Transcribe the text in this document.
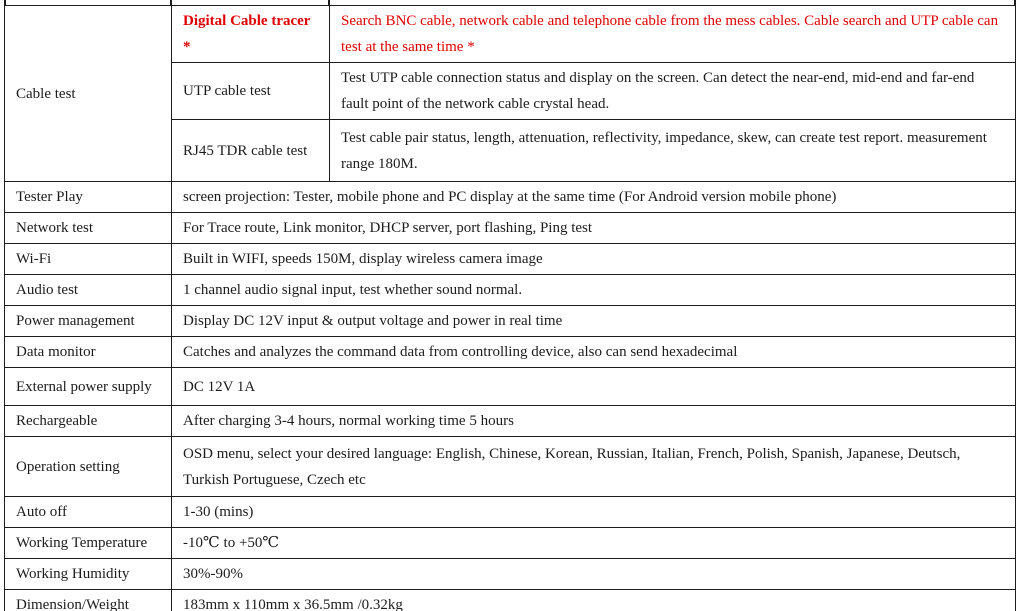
Cable test	Digital Cable tracer *	Search BNC cable, network cable and telephone cable from the mess cables. Cable search and UTP cable can test at the same time *
	UTP cable test	Test UTP cable connection status and display on the screen. Can detect the near-end, mid-end and far-end fault point of the network cable crystal head.
	RJ45 TDR cable test	Test cable pair status, length, attenuation, reflectivity, impedance, skew, can create test report. measurement range 180M.
Tester Play	screen projection: Tester, mobile phone and PC display at the same time (For Android version mobile phone)	
Network test	For Trace route, Link monitor, DHCP server, port flashing, Ping test	
Wi-Fi	Built in WIFI, speeds 150M, display wireless camera image	
Audio test	1 channel audio signal input, test whether sound normal.	
Power management	Display DC 12V input & output voltage and power in real time	
Data monitor	Catches and analyzes the command data from controlling device, also can send hexadecimal	
External power supply	DC 12V 1A	
Rechargeable	After charging 3-4 hours, normal working time 5 hours	
Operation setting	OSD menu, select your desired language: English, Chinese, Korean, Russian, Italian, French, Polish, Spanish, Japanese, Deutsch, Turkish Portuguese, Czech etc	
Auto off	1-30 (mins)	
Working Temperature	-10℃ to +50℃	
Working Humidity	30%-90%	
Dimension/Weight	183mm x 110mm x 36.5mm /0.32kg	
